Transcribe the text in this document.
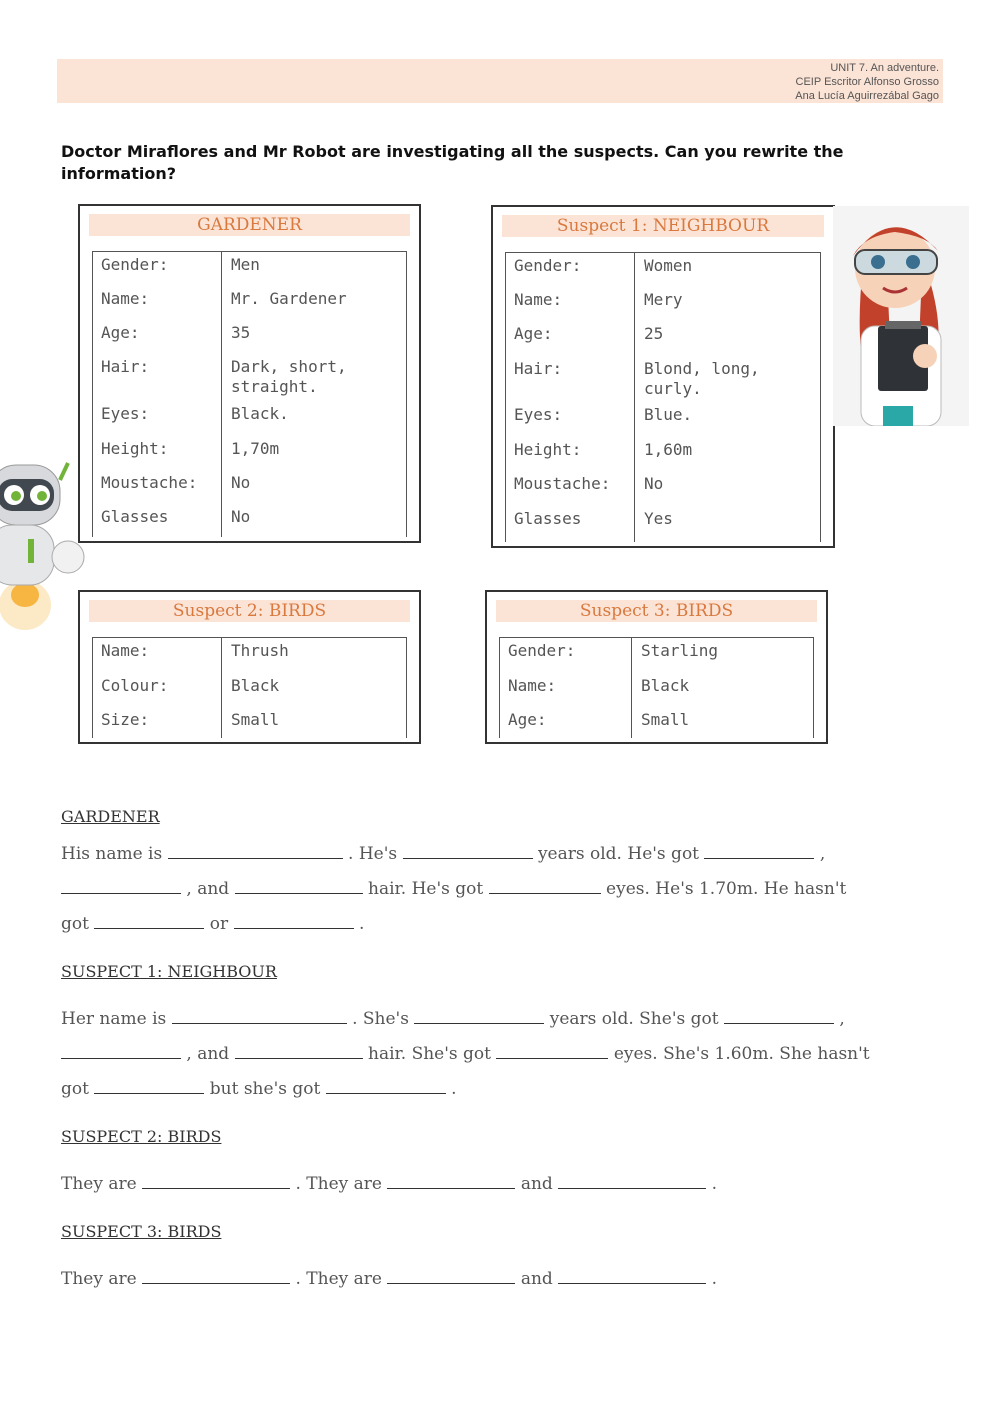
UNIT 7. An adventure.
CEIP Escritor Alfonso Grosso
Ana Lucía Aguirrezábal Gago
Doctor Miraflores and Mr Robot are investigating all the suspects. Can you rewrite the information?
GARDENER
Gender:	Men
Name:	Mr. Gardener
Age:	35
Hair:	Dark, short,
straight.
Eyes:	Black.
Height:	1,70m
Moustache: No
Glasses	No
Suspect 1: NEIGHBOUR
Gender:	Women
Name:	Mery
Age:	25
Hair:	Blond, long,
curly.
Eyes:	Blue.
Height:	1,60m
Moustache: No
Glasses	Yes
Suspect 2: BIRDS
Name:	Thrush
Colour:	Black
Size:	Small
Suspect 3: BIRDS
Gender:	Starling
Name:	Black
Age:	Small
GARDENER
His name is	. He's	years old. He's got	,
, and	hair. He's got	eyes. He's 1.70m. He hasn't
got	or	.
SUSPECT 1: NEIGHBOUR
Her name is	. She's	years old. She's got	,
, and	hair. She's got	eyes. She's 1.60m. She hasn't
got	but she's got	.
SUSPECT 2: BIRDS
They are	. They are	and	.
SUSPECT 3: BIRDS
They are	. They are	and	.
